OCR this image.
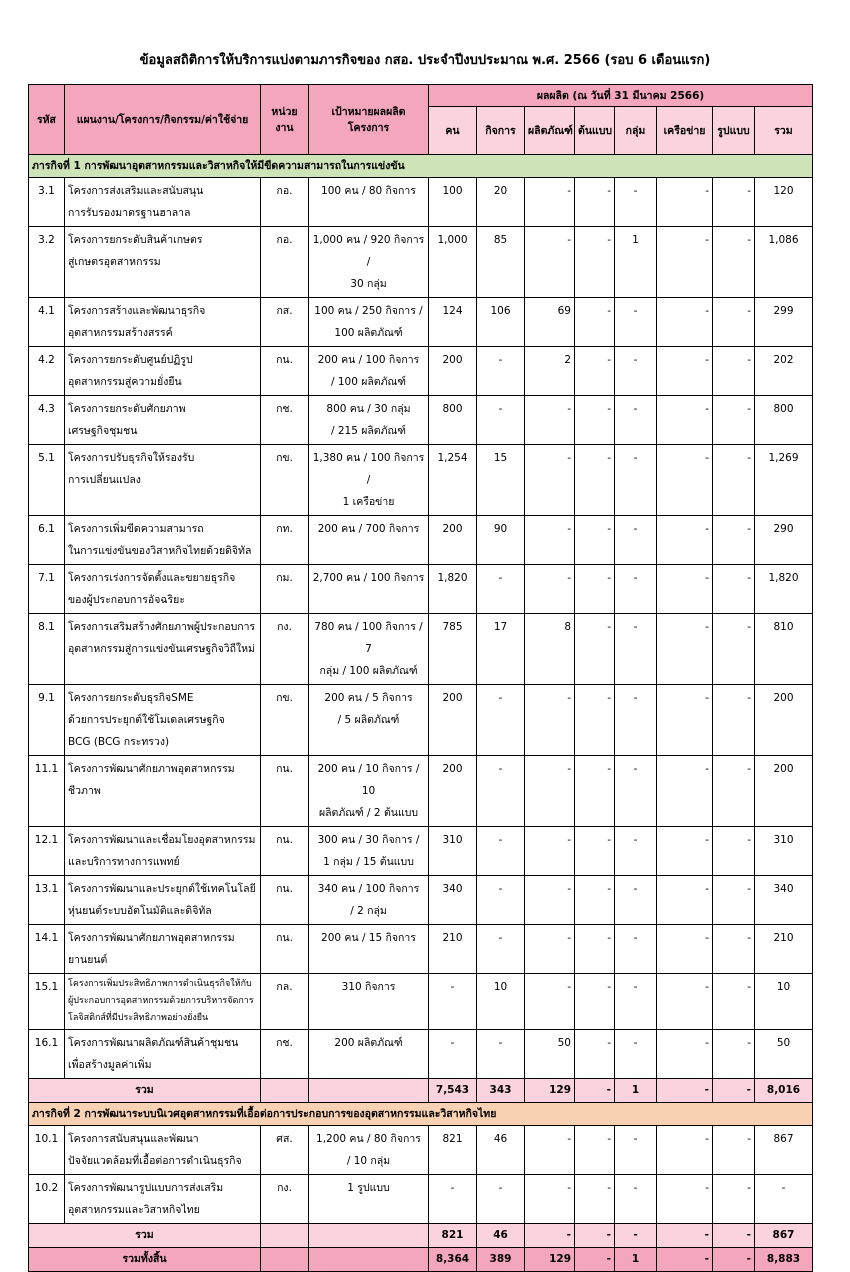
ข้อมูลสถิติการให้บริการแบ่งตามภารกิจของ กสอ. ประจำปีงบประมาณ พ.ศ. 2566 (รอบ 6 เดือนแรก)
รหัส	แผนงาน/โครงการ/กิจกรรม/ค่าใช้จ่าย	หน่วยงาน	เป้าหมายผลผลิตโครงการ	ผลผลิต (ณ วันที่ 31 มีนาคม 2566)							
				คน	กิจการ	ผลิตภัณฑ์	ต้นแบบ	กลุ่ม	เครือข่าย	รูปแบบ	รวม
ภารกิจที่ 1 การพัฒนาอุตสาหกรรมและวิสาหกิจให้มีขีดความสามารถในการแข่งขัน											
3.1	โครงการส่งเสริมและสนับสนุน
การรับรองมาตรฐานฮาลาล	กอ.	100 คน / 80 กิจการ	100	20	-	-	-	-	-	120
3.2	โครงการยกระดับสินค้าเกษตร
สู่เกษตรอุตสาหกรรม	กอ.	1,000 คน / 920 กิจการ /
30 กลุ่ม	1,000	85	-	-	1	-	-	1,086
4.1	โครงการสร้างและพัฒนาธุรกิจ
อุตสาหกรรมสร้างสรรค์	กส.	100 คน / 250 กิจการ /
100 ผลิตภัณฑ์	124	106	69	-	-	-	-	299
4.2	โครงการยกระดับศูนย์ปฏิรูป
อุตสาหกรรมสู่ความยั่งยืน	กน.	200 คน / 100 กิจการ
/ 100 ผลิตภัณฑ์	200	-	2	-	-	-	-	202
4.3	โครงการยกระดับศักยภาพ
เศรษฐกิจชุมชน	กช.	800 คน / 30 กลุ่ม
/ 215 ผลิตภัณฑ์	800	-	-	-	-	-	-	800
5.1	โครงการปรับธุรกิจให้รองรับ
การเปลี่ยนแปลง	กข.	1,380 คน / 100 กิจการ /
1 เครือข่าย	1,254	15	-	-	-	-	-	1,269
6.1	โครงการเพิ่มขีดความสามารถ
ในการแข่งขันของวิสาหกิจไทยด้วยดิจิทัล	กท.	200 คน / 700 กิจการ	200	90	-	-	-	-	-	290
7.1	โครงการเร่งการจัดตั้งและขยายธุรกิจ
ของผู้ประกอบการอัจฉริยะ	กม.	2,700 คน / 100 กิจการ	1,820	-	-	-	-	-	-	1,820
8.1	โครงการเสริมสร้างศักยภาพผู้ประกอบการ
อุตสาหกรรมสู่การแข่งขันเศรษฐกิจวิถีใหม่	กง.	780 คน / 100 กิจการ / 7
กลุ่ม / 100 ผลิตภัณฑ์	785	17	8	-	-	-	-	810
9.1	โครงการยกระดับธุรกิจSME
ด้วยการประยุกต์ใช้โมเดลเศรษฐกิจ
BCG (BCG กระทรวง)	กข.	200 คน / 5 กิจการ
/ 5 ผลิตภัณฑ์	200	-	-	-	-	-	-	200
11.1	โครงการพัฒนาศักยภาพอุตสาหกรรมชีวภาพ	กน.	200 คน / 10 กิจการ / 10
ผลิตภัณฑ์ / 2 ต้นแบบ	200	-	-	-	-	-	-	200
12.1	โครงการพัฒนาและเชื่อมโยงอุตสาหกรรม
และบริการทางการแพทย์	กน.	300 คน / 30 กิจการ /
1 กลุ่ม / 15 ต้นแบบ	310	-	-	-	-	-	-	310
13.1	โครงการพัฒนาและประยุกต์ใช้เทคโนโลยี
หุ่นยนต์ระบบอัตโนมัติและดิจิทัล	กน.	340 คน / 100 กิจการ
/ 2 กลุ่ม	340	-	-	-	-	-	-	340
14.1	โครงการพัฒนาศักยภาพอุตสาหกรรม
ยานยนต์	กน.	200 คน / 15 กิจการ	210	-	-	-	-	-	-	210
15.1	โครงการเพิ่มประสิทธิภาพการดำเนินธุรกิจให้กับ
ผู้ประกอบการอุตสาหกรรมด้วยการบริหารจัดการ
โลจิสติกส์ที่มีประสิทธิภาพอย่างยั่งยืน	กล.	310 กิจการ	-	10	-	-	-	-	-	10
16.1	โครงการพัฒนาผลิตภัณฑ์สินค้าชุมชน
เพื่อสร้างมูลค่าเพิ่ม	กช.	200 ผลิตภัณฑ์	-	-	50	-	-	-	-	50
รวม				7,543	343	129	-	1	-	-	8,016
ภารกิจที่ 2 การพัฒนาระบบนิเวศอุตสาหกรรมที่เอื้อต่อการประกอบการของอุตสาหกรรมและวิสาหกิจไทย											
10.1	โครงการสนับสนุนและพัฒนา
ปัจจัยแวดล้อมที่เอื้อต่อการดำเนินธุรกิจ	ศส.	1,200 คน / 80 กิจการ
/ 10 กลุ่ม	821	46	-	-	-	-	-	867
10.2	โครงการพัฒนารูปแบบการส่งเสริม
อุตสาหกรรมและวิสาหกิจไทย	กง.	1 รูปแบบ	-	-	-	-	-	-	-	-
รวม				821	46	-	-	-	-	-	867
รวมทั้งสิ้น				8,364	389	129	-	1	-	-	8,883
